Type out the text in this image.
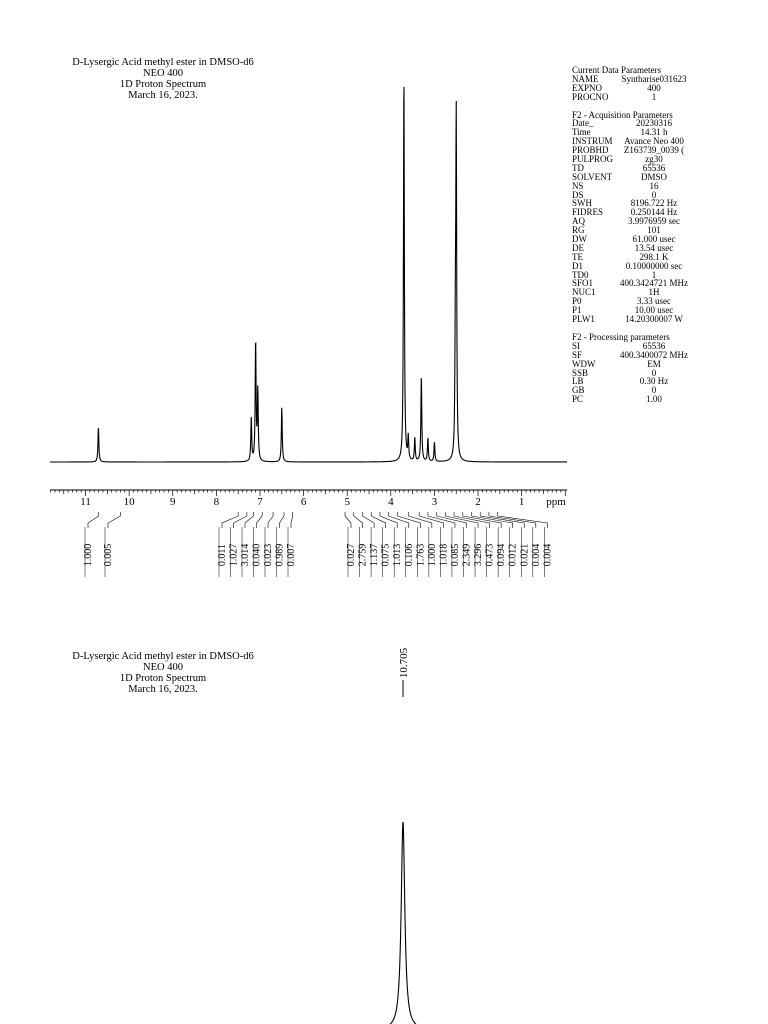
D-Lysergic Acid methyl ester in DMSO-d6
NEO 400
1D Proton Spectrum
March 16, 2023.
D-Lysergic Acid methyl ester in DMSO-d6
NEO 400
1D Proton Spectrum
March 16, 2023.
Current Data Parameters
NAME	Syntharise031623
EXPNO	400
PROCNO	1
F2 - Acquisition Parameters
Date_	20230316
Time	14.31 h
INSTRUM	Avance Neo 400
PROBHD	Z163739_0039 (
PULPROG	zg30
TD	65536
SOLVENT	DMSO
NS	16
DS	0
SWH	8196.722 Hz
FIDRES	0.250144 Hz
AQ	3.9976959 sec
RG	101
DW	61.000 usec
DE	13.54 usec
TE	298.1 K
D1	0.10000000 sec
TD0	1
SFO1	400.3424721 MHz
NUC1	1H
P0	3.33 usec
P1	10.00 usec
PLW1	14.20300007 W
F2 - Processing parameters
SI	65536
SF	400.3400072 MHz
WDW	EM
SSB	0
LB	0.30 Hz
GB	0
PC	1.00
11	10	9	8	7	6	5	4	3	2	1 ppm
1.000 0.005	0.011 1.027 3.014 0.040 0.023 0.989 0.007	0.027 2.759 1.137 0.075 1.013 0.106 1.763 1.000 1.018 0.085 2.349 3.296 0.473 0.094 0.012 0.021 0.004 0.004
10.705
